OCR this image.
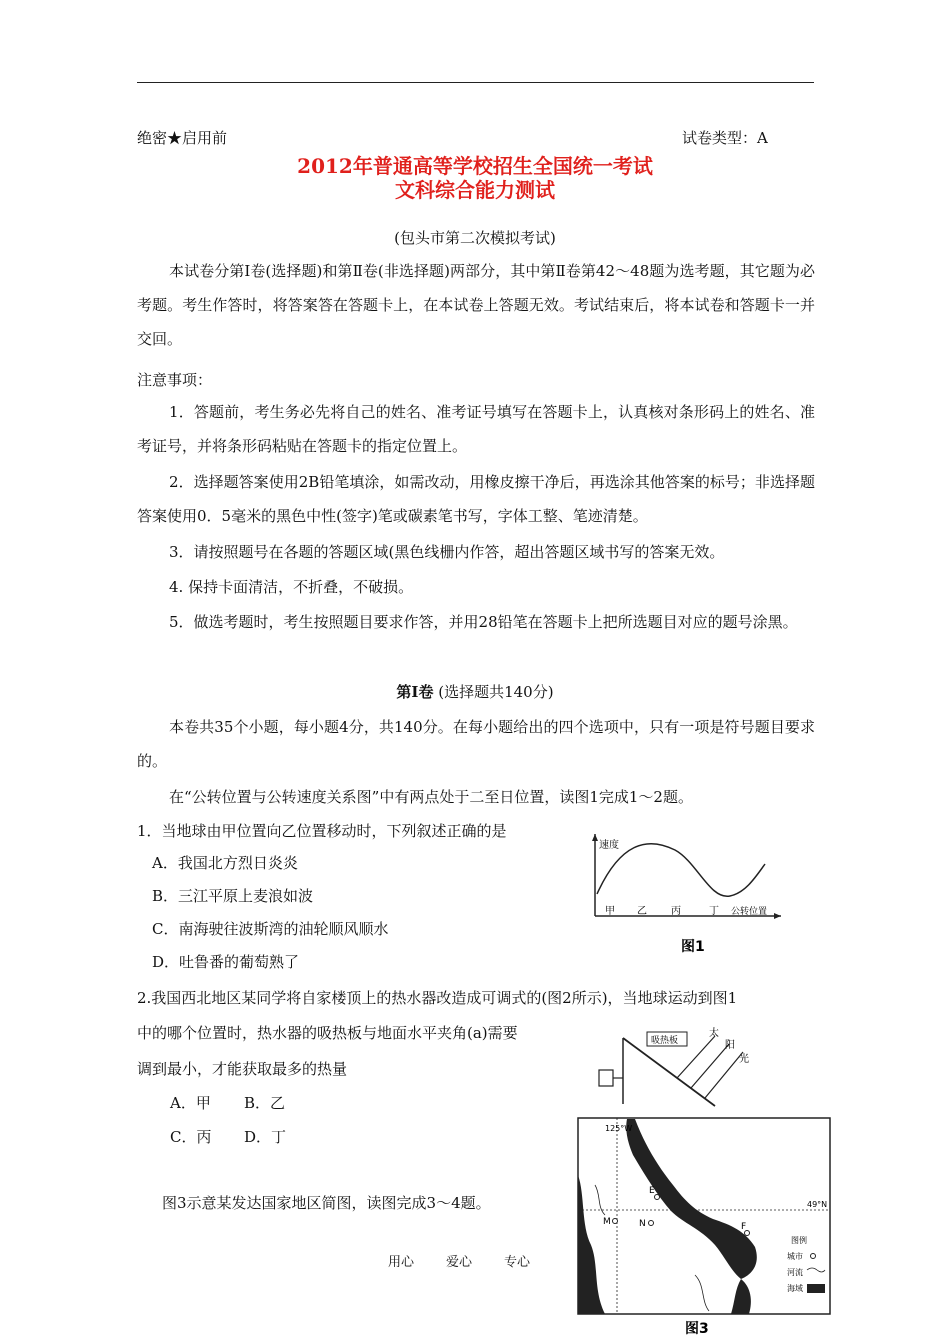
绝密★启用前	试卷类型：A
2012年普通高等学校招生全国统一考试
文科综合能力测试
(包头市第二次模拟考试)
本试卷分第Ⅰ卷(选择题)和第Ⅱ卷(非选择题)两部分，其中第Ⅱ卷第42～48题为选考题，其它题为必考题。考生作答时，将答案答在答题卡上，在本试卷上答题无效。考试结束后，将本试卷和答题卡一并交回。
注意事项：
1．答题前，考生务必先将自己的姓名、准考证号填写在答题卡上，认真核对条形码上的姓名、准考证号，并将条形码粘贴在答题卡的指定位置上。
2．选择题答案使用2B铅笔填涂，如需改动，用橡皮擦干净后，再选涂其他答案的标号；非选择题答案使用0．5毫米的黑色中性(签字)笔或碳素笔书写，字体工整、笔迹清楚。
3．请按照题号在各题的答题区域(黑色线栅内作答，超出答题区域书写的答案无效。
4. 保持卡面清洁，不折叠，不破损。
5．做选考题时，考生按照题目要求作答，并用28铅笔在答题卡上把所选题目对应的题号涂黑。
第Ⅰ卷 (选择题共140分)
本卷共35个小题，每小题4分，共140分。在每小题给出的四个选项中，只有一项是符号题目要求的。
在“公转位置与公转速度关系图”中有两点处于二至日位置，读图1完成1～2题。
1．当地球由甲位置向乙位置移动时，下列叙述正确的是
A．我国北方烈日炎炎
B．三江平原上麦浪如波
C．南海驶往波斯湾的油轮顺风顺水
D．吐鲁番的葡萄熟了
2.我国西北地区某同学将自家楼顶上的热水器改造成可调式的(图2所示)，当地球运动到图1
中的哪个位置时，热水器的吸热板与地面水平夹角(a)需要
调到最小，才能获取最多的热量
A．甲 B．乙
C．丙 D．丁
图3示意某发达国家地区简图，读图完成3～4题。
速度
甲 乙 丙	丁 公转位置
图1
吸热板
太
阳
光
125°W
49°N
E
N
M	F
图例
城市
河流
海域
图3
用心 爱心 专心
